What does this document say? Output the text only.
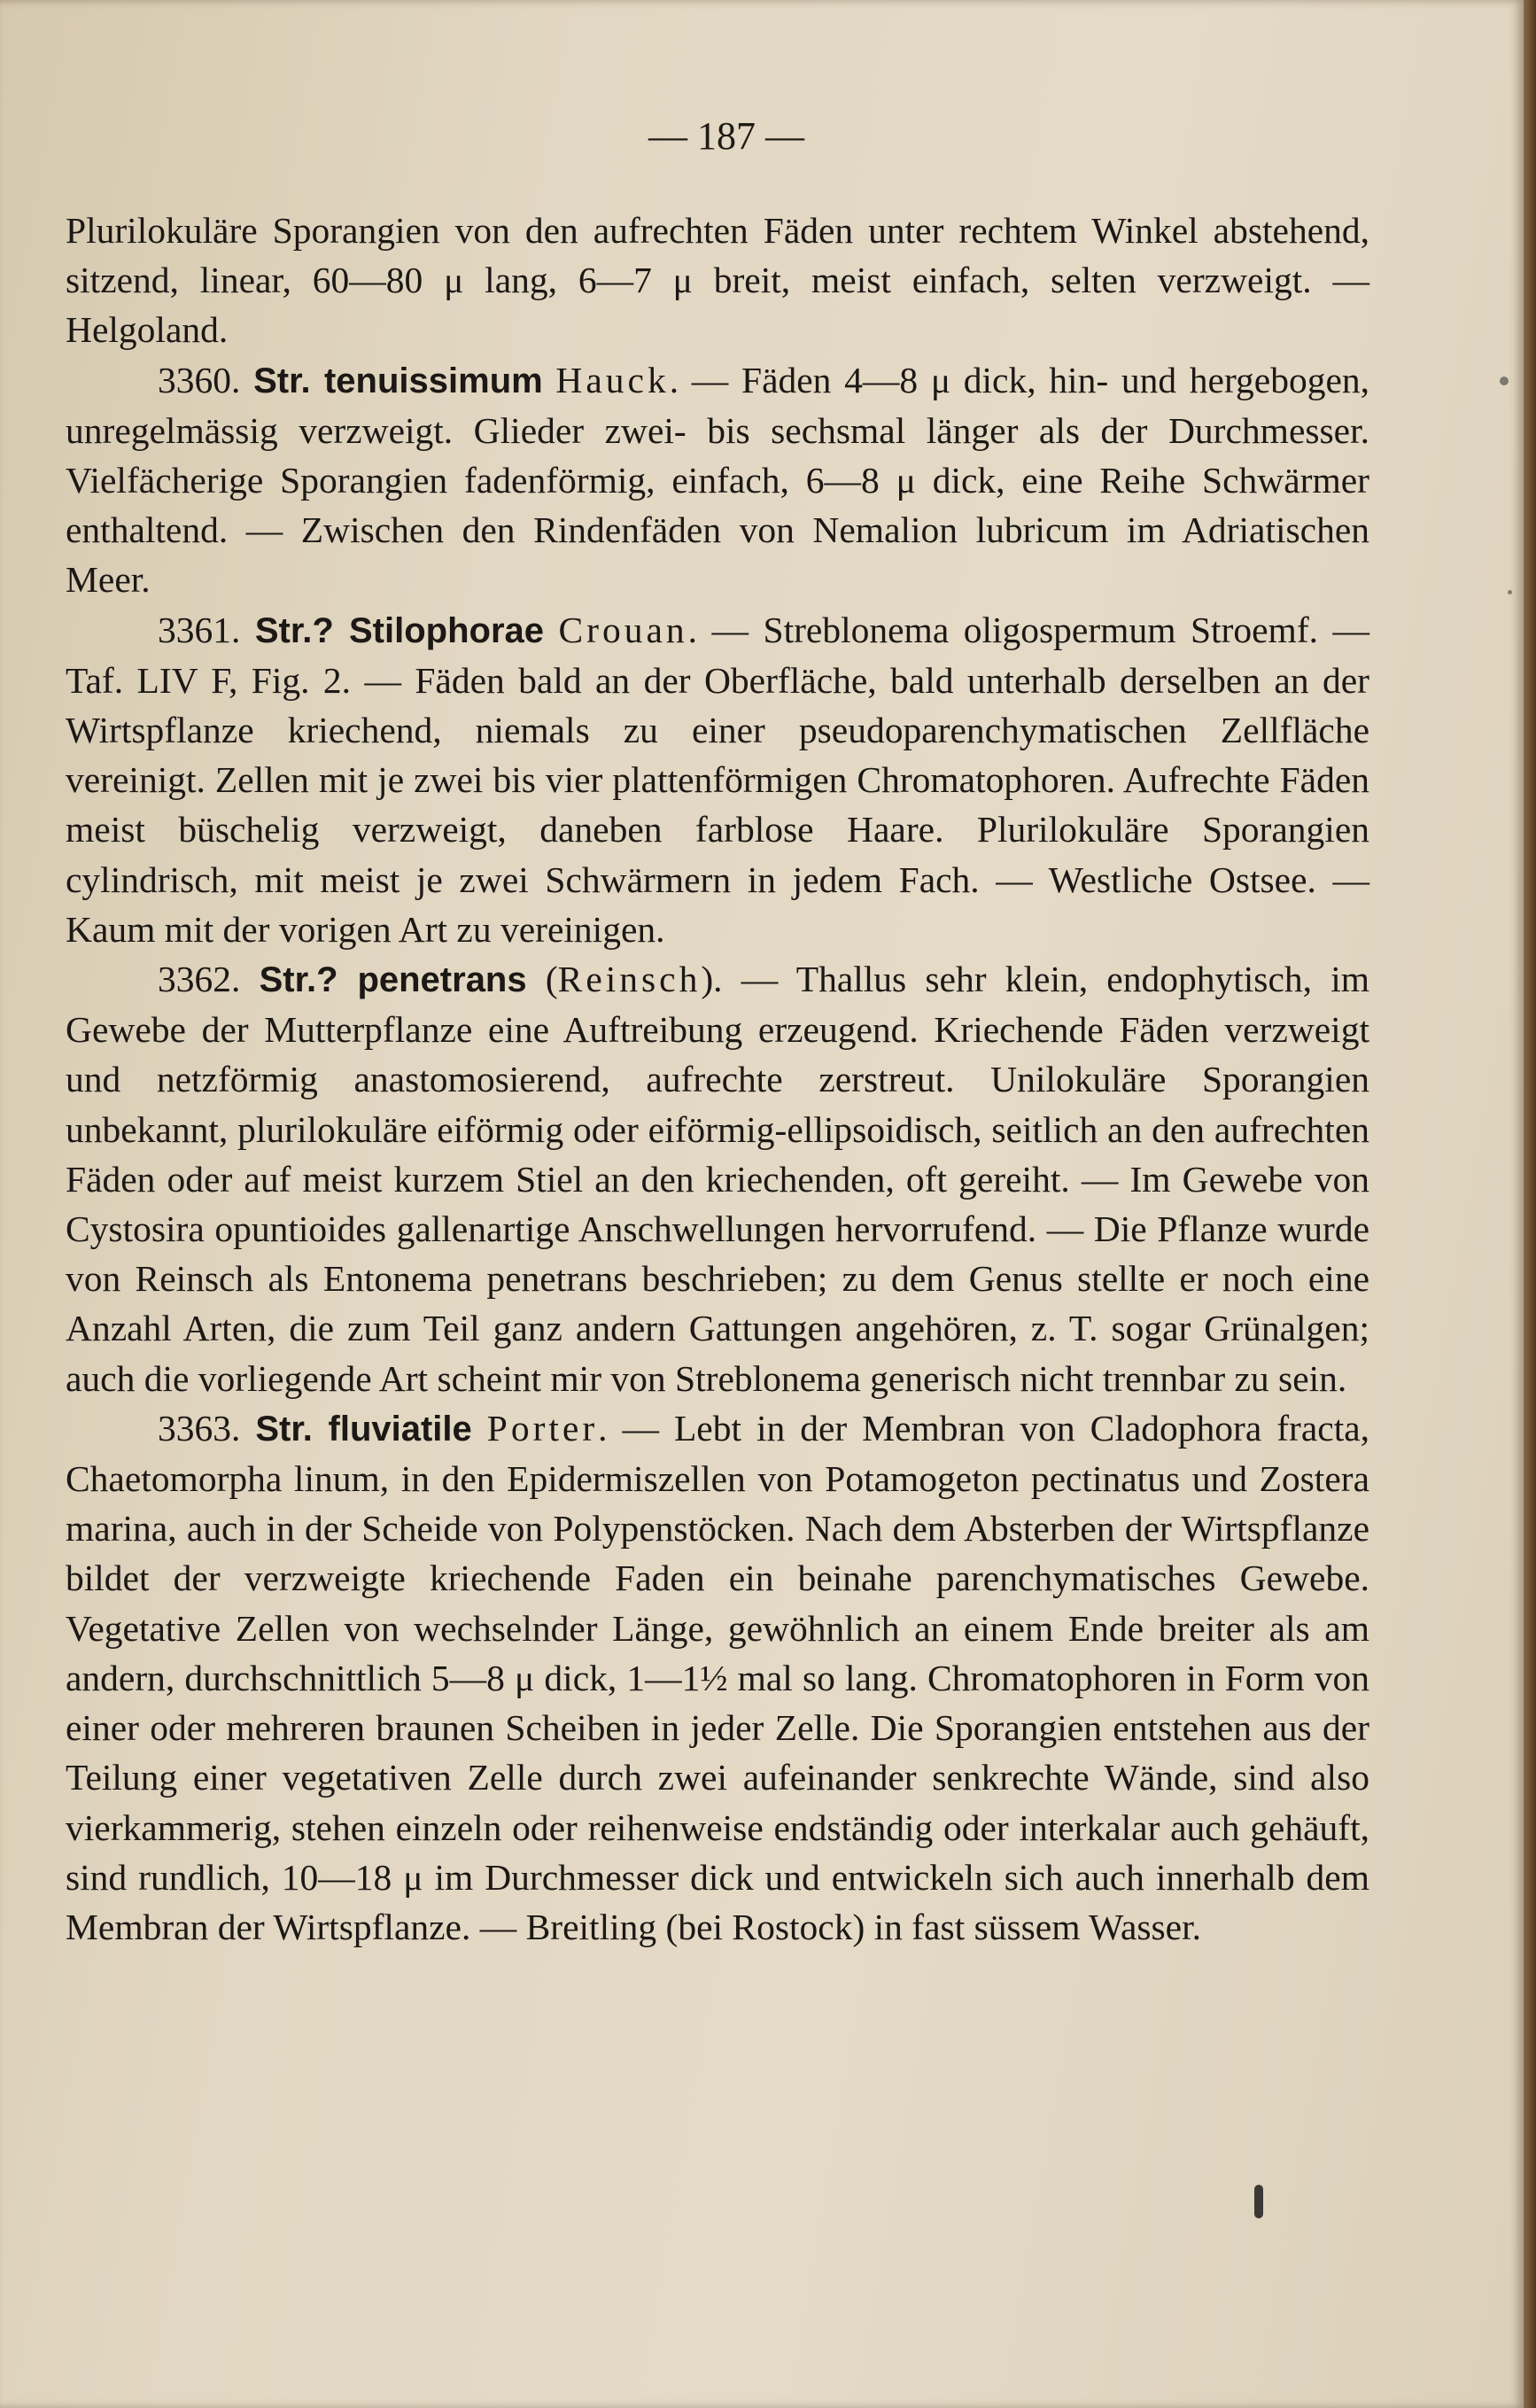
— 187 —

Plurilokuläre Sporangien von den aufrechten Fäden unter rechtem Winkel abstehend, sitzend, linear, 60—80 μ lang, 6—7 μ breit, meist einfach, selten verzweigt. — Helgoland.

3360. Str. tenuissimum Hauck. — Fäden 4—8 μ dick, hin- und hergebogen, unregelmässig verzweigt. Glieder zwei- bis sechsmal länger als der Durchmesser. Vielfächerige Sporangien fadenförmig, einfach, 6—8 μ dick, eine Reihe Schwärmer enthaltend. — Zwischen den Rindenfäden von Nemalion lubricum im Adriatischen Meer.

3361. Str.? Stilophorae Crouan. — Streblonema oligospermum Stroemf. — Taf. LIV F, Fig. 2. — Fäden bald an der Oberfläche, bald unterhalb derselben an der Wirtspflanze kriechend, niemals zu einer pseudoparenchymatischen Zellfläche vereinigt. Zellen mit je zwei bis vier plattenförmigen Chromatophoren. Aufrechte Fäden meist büschelig verzweigt, daneben farblose Haare. Plurilokuläre Sporangien cylindrisch, mit meist je zwei Schwärmern in jedem Fach. — Westliche Ostsee. — Kaum mit der vorigen Art zu vereinigen.

3362. Str.? penetrans (Reinsch). — Thallus sehr klein, endophytisch, im Gewebe der Mutterpflanze eine Auftreibung erzeugend. Kriechende Fäden verzweigt und netzförmig anastomosierend, aufrechte zerstreut. Unilokuläre Sporangien unbekannt, plurilokuläre eiförmig oder eiförmig-ellipsoidisch, seitlich an den aufrechten Fäden oder auf meist kurzem Stiel an den kriechenden, oft gereiht. — Im Gewebe von Cystosira opuntioides gallenartige Anschwellungen hervorrufend. — Die Pflanze wurde von Reinsch als Entonema penetrans beschrieben; zu dem Genus stellte er noch eine Anzahl Arten, die zum Teil ganz andern Gattungen angehören, z. T. sogar Grünalgen; auch die vorliegende Art scheint mir von Streblonema generisch nicht trennbar zu sein.

3363. Str. fluviatile Porter. — Lebt in der Membran von Cladophora fracta, Chaetomorpha linum, in den Epidermiszellen von Potamogeton pectinatus und Zostera marina, auch in der Scheide von Polypenstöcken. Nach dem Absterben der Wirtspflanze bildet der verzweigte kriechende Faden ein beinahe parenchymatisches Gewebe. Vegetative Zellen von wechselnder Länge, gewöhnlich an einem Ende breiter als am andern, durchschnittlich 5—8 μ dick, 1—1½ mal so lang. Chromatophoren in Form von einer oder mehreren braunen Scheiben in jeder Zelle. Die Sporangien entstehen aus der Teilung einer vegetativen Zelle durch zwei aufeinander senkrechte Wände, sind also vierkammerig, stehen einzeln oder reihenweise endständig oder interkalar auch gehäuft, sind rundlich, 10—18 μ im Durchmesser dick und entwickeln sich auch innerhalb dem Membran der Wirtspflanze. — Breitling (bei Rostock) in fast süssem Wasser.
